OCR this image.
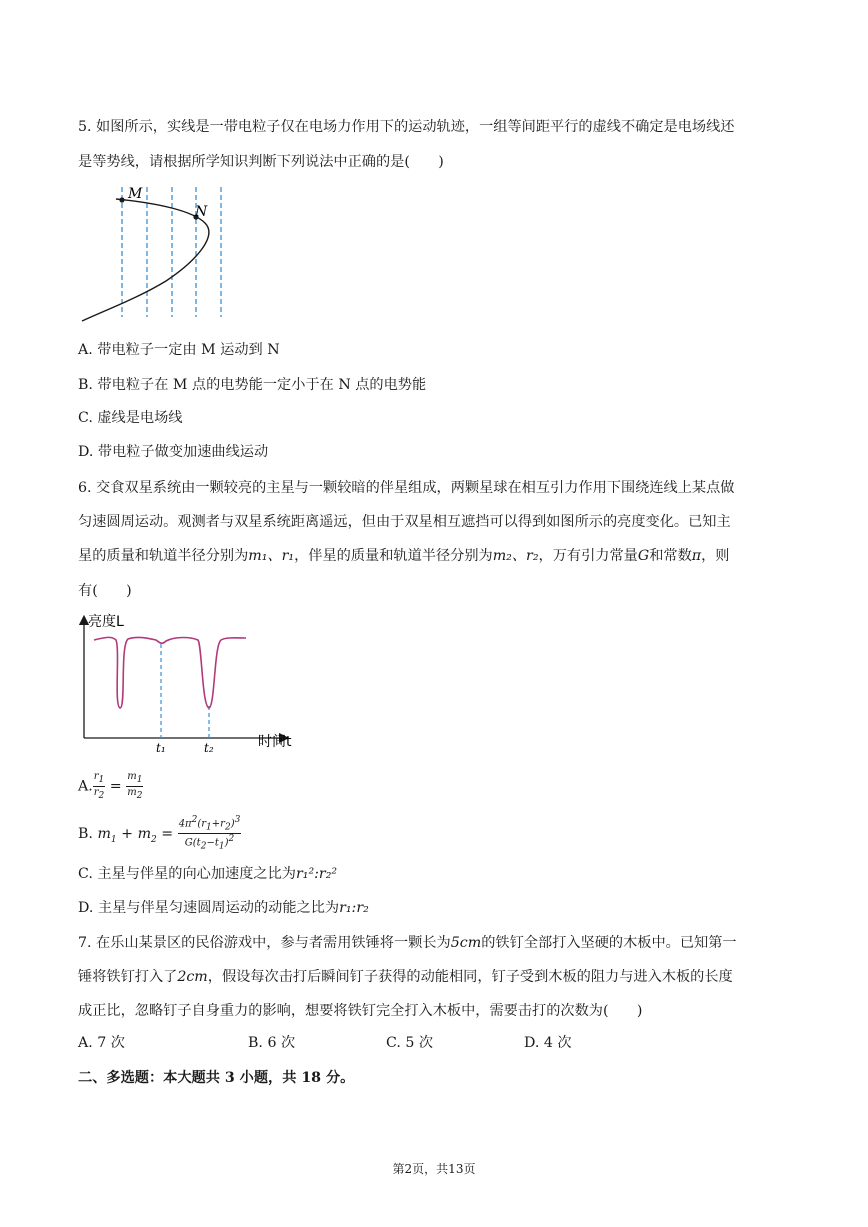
5. 如图所示，实线是一带电粒子仅在电场力作用下的运动轨迹，一组等间距平行的虚线不确定是电场线还
是等势线，请根据所学知识判断下列说法中正确的是(　　)
M
N
A. 带电粒子一定由 M 运动到 N
B. 带电粒子在 M 点的电势能一定小于在 N 点的电势能
C. 虚线是电场线
D. 带电粒子做变加速曲线运动
6. 交食双星系统由一颗较亮的主星与一颗较暗的伴星组成，两颗星球在相互引力作用下围绕连线上某点做
匀速圆周运动。观测者与双星系统距离遥远，但由于双星相互遮挡可以得到如图所示的亮度变化。已知主
星的质量和轨道半径分别为m₁、r₁，伴星的质量和轨道半径分别为m₂、r₂，万有引力常量G和常数π，则
有(　　)
亮度L
时间t
t₁	t₂
A. $\frac{r_1}{r_2} = \frac{m_1}{m_2}$
B. $m_1 + m_2 = \frac{4\pi^2(r_1+r_2)^3}{G(t_2-t_1)^2}$
C. 主星与伴星的向心加速度之比为r₁²:r₂²
D. 主星与伴星匀速圆周运动的动能之比为r₁:r₂
7. 在乐山某景区的民俗游戏中，参与者需用铁锤将一颗长为5cm的铁钉全部打入坚硬的木板中。已知第一
锤将铁钉打入了2cm，假设每次击打后瞬间钉子获得的动能相同，钉子受到木板的阻力与进入木板的长度
成正比，忽略钉子自身重力的影响，想要将铁钉完全打入木板中，需要击打的次数为(　　)
A. 7 次	B. 6 次	C. 5 次	D. 4 次
二、多选题：本大题共 3 小题，共 18 分。
第2页，共13页
